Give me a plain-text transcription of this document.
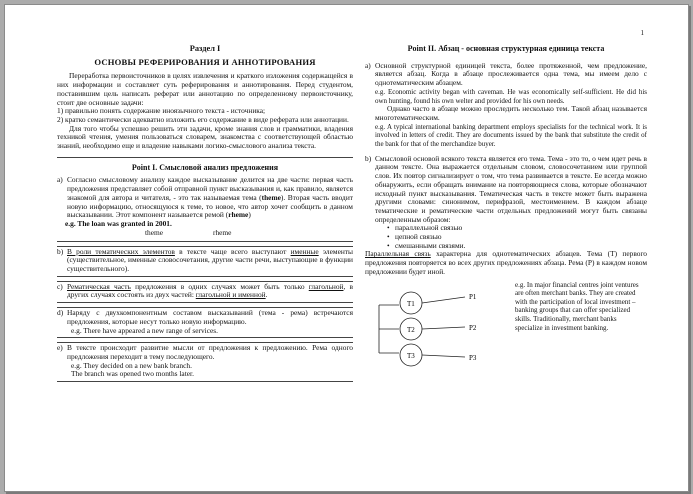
1
Раздел I
ОСНОВЫ РЕФЕРИРОВАНИЯ И АННОТИРОВАНИЯ

Переработка первоисточников в целях извлечения и краткого изложения содержащейся в них информации и составляет суть реферирования и аннотирования. Перед студентом, поставившим цель написать реферат или аннотацию по определенному первоисточнику, стоит две основные задачи:

1) правильно понять содержание иноязычного текста - источника;

2) кратко семантически адекватно изложить его содержание в виде реферата или аннотации.

Для того чтобы успешно решить эти задачи, кроме знания слов и грамматики, владения техникой чтения, умения пользоваться словарем, знакомства с соответствующей областью знаний, необходимо еще и владение навыками логико-смыслового анализа текста.

Point I. Смысловой анализ предложения
a) Согласно смысловому анализу каждое высказывание делится на две части: первая часть предложения представляет собой отправной пункт высказывания и, как правило, является знакомой для автора и читателя, - это так называемая тема (theme). Вторая часть вводит новую информацию, относящуюся к теме, то новое, что автор хочет сообщить в данном высказывании. Этот компонент называется ремой (rheme)
e.g. The loan was granted in 2001.
theme	rheme
b) В роли тематических элементов в тексте чаще всего выступают именные элементы (существительное, именные словосочетания, другие части речи, выступающие в функции существительного).
c) Рематическая часть предложения в одних случаях может быть только глагольной, в других случаях состоять из двух частей: глагольной и именной.
d) Нарядy с двухкомпонентным составом высказываний (тема - рема) встречаются предложения, которые несут только новую информацию.
e.g. There have appeared a new range of services.
e) В тексте происходит развитие мысли от предложения к предложению. Рема одного предложения переходит в тему последующего.
e.g. They decided on a new bank branch.
The branch was opened two months later.
Point II. Абзац - основная структурная единица текста
a) Основной структурной единицей текста, более протяженной, чем предложение, является абзац. Когда в абзаце прослеживается одна тема, мы имеем дело с однотематическим абзацем.
e.g. Economic activity began with caveman. He was economically self-sufficient. He did his own hunting, found his own welter and provided for his own needs.
Однако часто в абзаце можно проследить несколько тем. Такой абзац называется многотематическим.
e.g. A typical international banking department employs specialists for the technical work. It is involved in letters of credit. They are documents issued by the bank that substitute the credit of the bank for that of the merchandize buyer.
b) Смысловой основой всякого текста является его тема. Тема - это то, о чем идет речь в данном тексте. Она выражается отдельным словом, словосочетанием или группой слов. Их повтор сигнализирует о том, что тема развивается в тексте. Ее всегда можно обнаружить, если обращать внимание на повторяющиеся слова, которые обозначают исходный пункт высказывания. Тематическая часть в тексте может быть выражена другими словами: синонимом, перифразой, местоимением. В каждом абзаце тематические и рематические части отдельных предложений могут быть связаны определенным образом:
• параллельной связью
• цепной связью
• смешанными связями.
Параллельная связь характерна для однотематических абзацев. Тема (T) первого предложения повторяется во всех других предложениях абзаца. Рема (P) в каждом новом предложении будет иной.
T1
T2
T3
P1
P2
P3
e.g. In major financial centres joint ventures are often merchant banks. They are created with the participation of local investment – banking groups that can offer specialized skills. Traditionally, merchant banks specialize in investment banking.
